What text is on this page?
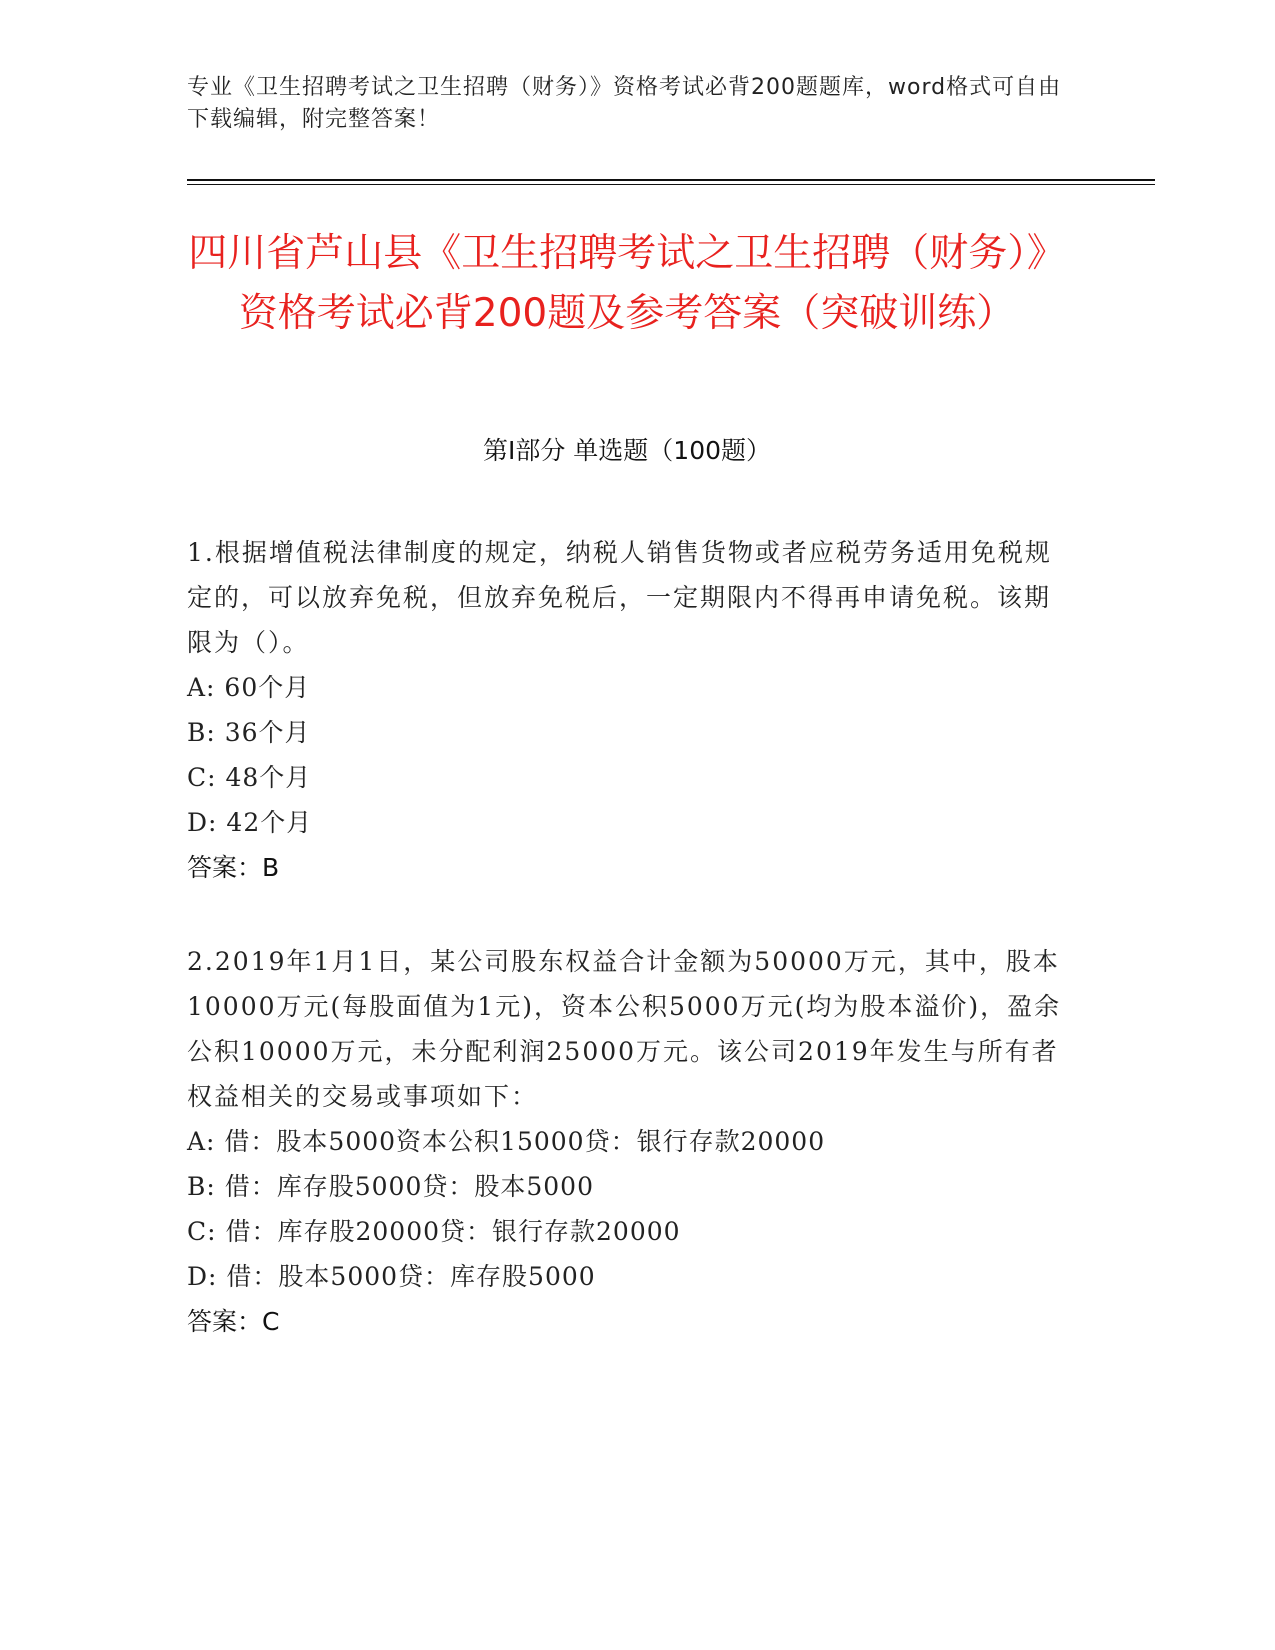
专业《卫生招聘考试之卫生招聘（财务）》资格考试必背200题题库，word格式可自由下载编辑，附完整答案！
四川省芦山县《卫生招聘考试之卫生招聘（财务）》资格考试必背200题及参考答案（突破训练）
第I部分 单选题（100题）

1.根据增值税法律制度的规定，纳税人销售货物或者应税劳务适用免税规定的，可以放弃免税，但放弃免税后，一定期限内不得再申请免税。该期限为（）。

A: 60个月
B: 36个月
C: 48个月
D: 42个月
答案：B

2.2019年1月1日，某公司股东权益合计金额为50000万元，其中，股本10000万元(每股面值为1元)，资本公积5000万元(均为股本溢价)，盈余公积10000万元，未分配利润25000万元。该公司2019年发生与所有者权益相关的交易或事项如下：

A: 借：股本5000资本公积15000贷：银行存款20000
B: 借：库存股5000贷：股本5000
C: 借：库存股20000贷：银行存款20000
D: 借：股本5000贷：库存股5000
答案：C
